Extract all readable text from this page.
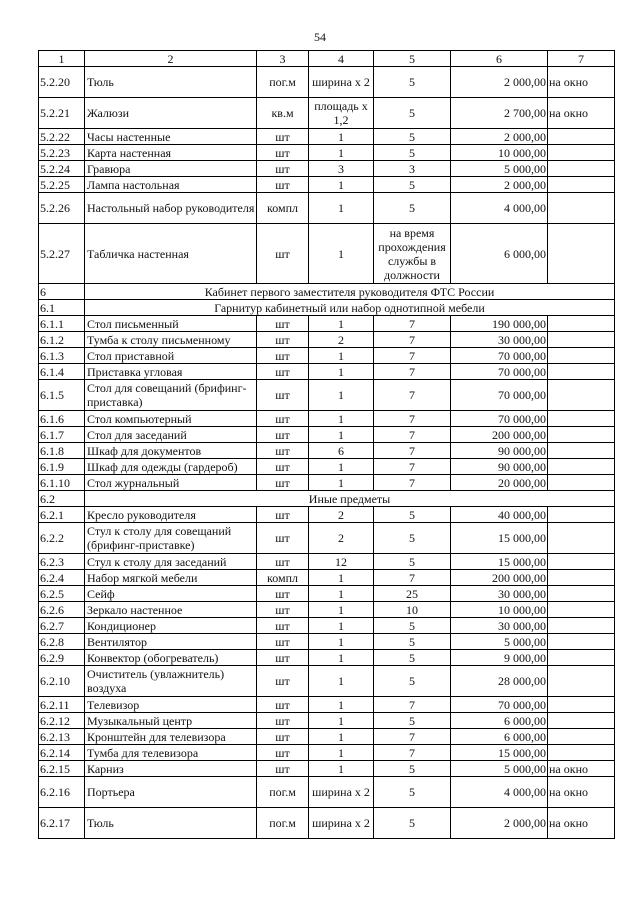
54
1	2	3	4	5	6	7
5.2.20	Тюль	пог.м	ширина х 2	5	2 000,00	на окно
5.2.21	Жалюзи	кв.м	площадь х 1,2	5	2 700,00	на окно
5.2.22	Часы настенные	шт	1	5	2 000,00	
5.2.23	Карта настенная	шт	1	5	10 000,00	
5.2.24	Гравюра	шт	3	3	5 000,00	
5.2.25	Лампа настольная	шт	1	5	2 000,00	
5.2.26	Настольный набор руководителя	компл	1	5	4 000,00	
5.2.27	Табличка настенная	шт	1	на время прохождения службы в должности	6 000,00	
6	Кабинет первого заместителя руководителя ФТС России					
6.1	Гарнитур кабинетный или набор однотипной мебели					
6.1.1	Стол письменный	шт	1	7	190 000,00	
6.1.2	Тумба к столу письменному	шт	2	7	30 000,00	
6.1.3	Стол приставной	шт	1	7	70 000,00	
6.1.4	Приставка угловая	шт	1	7	70 000,00	
6.1.5	Стол для совещаний (брифинг-приставка)	шт	1	7	70 000,00	
6.1.6	Стол компьютерный	шт	1	7	70 000,00	
6.1.7	Стол для заседаний	шт	1	7	200 000,00	
6.1.8	Шкаф для документов	шт	6	7	90 000,00	
6.1.9	Шкаф для одежды (гардероб)	шт	1	7	90 000,00	
6.1.10	Стол журнальный	шт	1	7	20 000,00	
6.2	Иные предметы					
6.2.1	Кресло руководителя	шт	2	5	40 000,00	
6.2.2	Стул к столу для совещаний (брифинг-приставке)	шт	2	5	15 000,00	
6.2.3	Стул к столу для заседаний	шт	12	5	15 000,00	
6.2.4	Набор мягкой мебели	компл	1	7	200 000,00	
6.2.5	Сейф	шт	1	25	30 000,00	
6.2.6	Зеркало настенное	шт	1	10	10 000,00	
6.2.7	Кондиционер	шт	1	5	30 000,00	
6.2.8	Вентилятор	шт	1	5	5 000,00	
6.2.9	Конвектор (обогреватель)	шт	1	5	9 000,00	
6.2.10	Очиститель (увлажнитель) воздуха	шт	1	5	28 000,00	
6.2.11	Телевизор	шт	1	7	70 000,00	
6.2.12	Музыкальный центр	шт	1	5	6 000,00	
6.2.13	Кронштейн для телевизора	шт	1	7	6 000,00	
6.2.14	Тумба для телевизора	шт	1	7	15 000,00	
6.2.15	Карниз	шт	1	5	5 000,00	на окно
6.2.16	Портьера	пог.м	ширина х 2	5	4 000,00	на окно
6.2.17	Тюль	пог.м	ширина х 2	5	2 000,00	на окно
